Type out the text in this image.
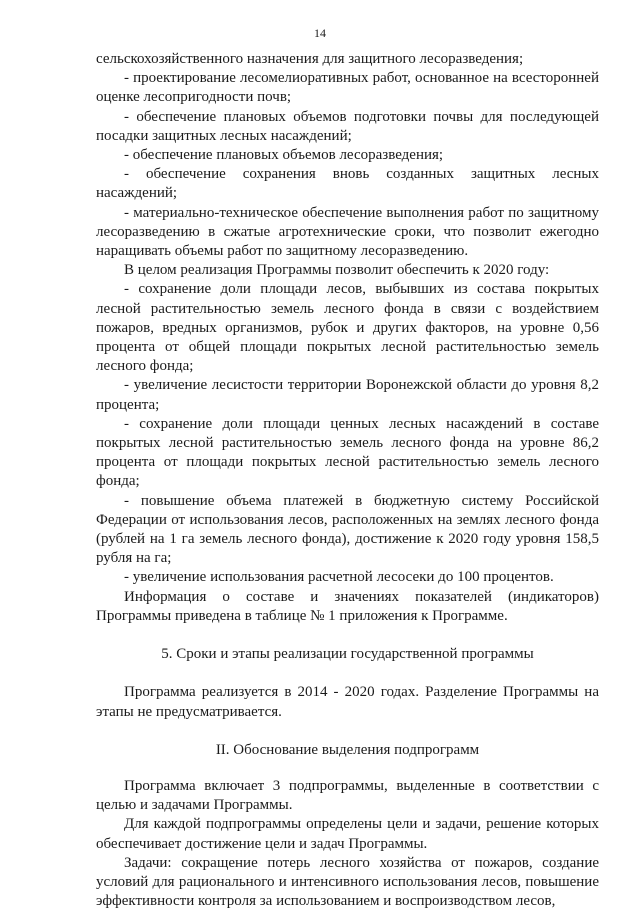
14

сельскохозяйственного назначения для защитного лесоразведения;

- проектирование лесомелиоративных работ, основанное на всесторонней оценке лесопригодности почв;

- обеспечение плановых объемов подготовки почвы для последующей посадки защитных лесных насаждений;

- обеспечение плановых объемов лесоразведения;

- обеспечение сохранения вновь созданных защитных лесных насаждений;

- материально-техническое обеспечение выполнения работ по защитному лесоразведению в сжатые агротехнические сроки, что позволит ежегодно наращивать объемы работ по защитному лесоразведению.

В целом реализация Программы позволит обеспечить к 2020 году:

- сохранение доли площади лесов, выбывших из состава покрытых лесной растительностью земель лесного фонда в связи с воздействием пожаров, вредных организмов, рубок и других факторов, на уровне 0,56 процента от общей площади покрытых лесной растительностью земель лесного фонда;

- увеличение лесистости территории Воронежской области до уровня 8,2 процента;

- сохранение доли площади ценных лесных насаждений в составе покрытых лесной растительностью земель лесного фонда на уровне 86,2 процента от площади покрытых лесной растительностью земель лесного фонда;

- повышение объема платежей в бюджетную систему Российской Федерации от использования лесов, расположенных на землях лесного фонда (рублей на 1 га земель лесного фонда), достижение к 2020 году уровня 158,5 рубля на га;

- увеличение использования расчетной лесосеки до 100 процентов.

Информация о составе и значениях показателей (индикаторов) Программы приведена в таблице № 1 приложения к Программе.

5. Сроки и этапы реализации государственной программы

Программа реализуется в 2014 - 2020 годах. Разделение Программы на этапы не предусматривается.

II. Обоснование выделения подпрограмм

Программа включает 3 подпрограммы, выделенные в соответствии с целью и задачами Программы.

Для каждой подпрограммы определены цели и задачи, решение которых обеспечивает достижение цели и задач Программы.

Задачи: сокращение потерь лесного хозяйства от пожаров, создание условий для рационального и интенсивного использования лесов, повышение эффективности контроля за использованием и воспроизводством лесов,
